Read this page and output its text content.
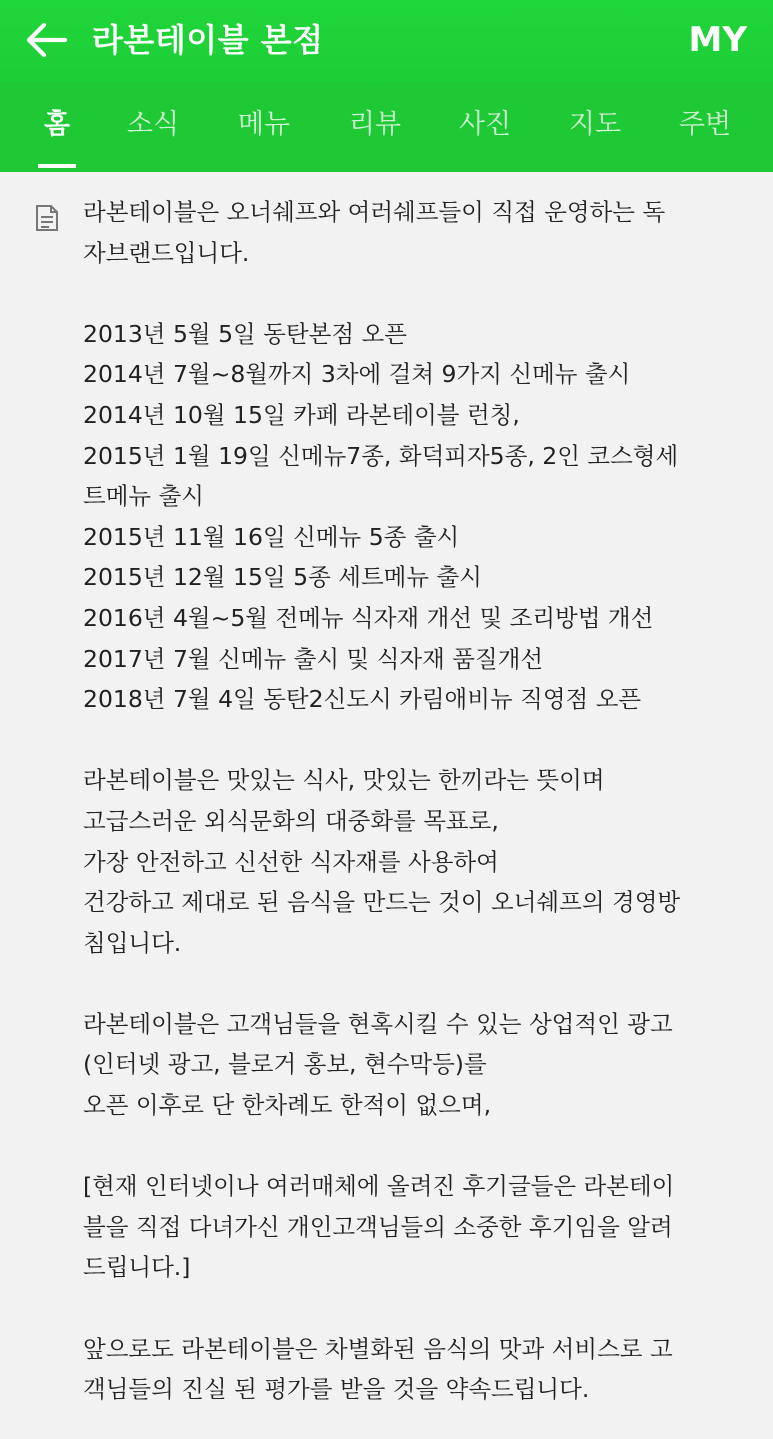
라본테이블 본점	MY
홈	소식	메뉴	리뷰	사진	지도	주변
라본테이블은 오너쉐프와 여러쉐프들이 직접 운영하는 독
자브랜드입니다.
2013년 5월 5일 동탄본점 오픈
2014년 7월~8월까지 3차에 걸쳐 9가지 신메뉴 출시
2014년 10월 15일 카페 라본테이블 런칭,
2015년 1월 19일 신메뉴7종, 화덕피자5종, 2인 코스형세
트메뉴 출시
2015년 11월 16일 신메뉴 5종 출시
2015년 12월 15일 5종 세트메뉴 출시
2016년 4월~5월 전메뉴 식자재 개선 및 조리방법 개선
2017년 7월 신메뉴 출시 및 식자재 품질개선
2018년 7월 4일 동탄2신도시 카림애비뉴 직영점 오픈
라본테이블은 맛있는 식사, 맛있는 한끼라는 뜻이며
고급스러운 외식문화의 대중화를 목표로,
가장 안전하고 신선한 식자재를 사용하여
건강하고 제대로 된 음식을 만드는 것이 오너쉐프의 경영방
침입니다.
라본테이블은 고객님들을 현혹시킬 수 있는 상업적인 광고
(인터넷 광고, 블로거 홍보, 현수막등)를
오픈 이후로 단 한차례도 한적이 없으며,
[현재 인터넷이나 여러매체에 올려진 후기글들은 라본테이
블을 직접 다녀가신 개인고객님들의 소중한 후기임을 알려
드립니다.]
앞으로도 라본테이블은 차별화된 음식의 맛과 서비스로 고
객님들의 진실 된 평가를 받을 것을 약속드립니다.
